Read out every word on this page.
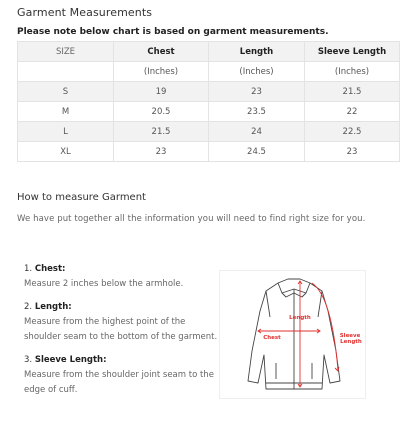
Garment Measurements
Please note below chart is based on garment measurements.
SIZE	Chest	Length	Sleeve Length
	(Inches)	(Inches)	(Inches)
S	19	23	21.5
M	20.5	23.5	22
L	21.5	24	22.5
XL	23	24.5	23
How to measure Garment
We have put together all the information you will need to find right size for you.
1. Chest:
Measure 2 inches below the armhole.
2. Length:
Measure from the highest point of the shoulder seam to the bottom of the garment.
3. Sleeve Length:
Measure from the shoulder joint seam to the edge of cuff.
Length
Chest	Sleeve Length
